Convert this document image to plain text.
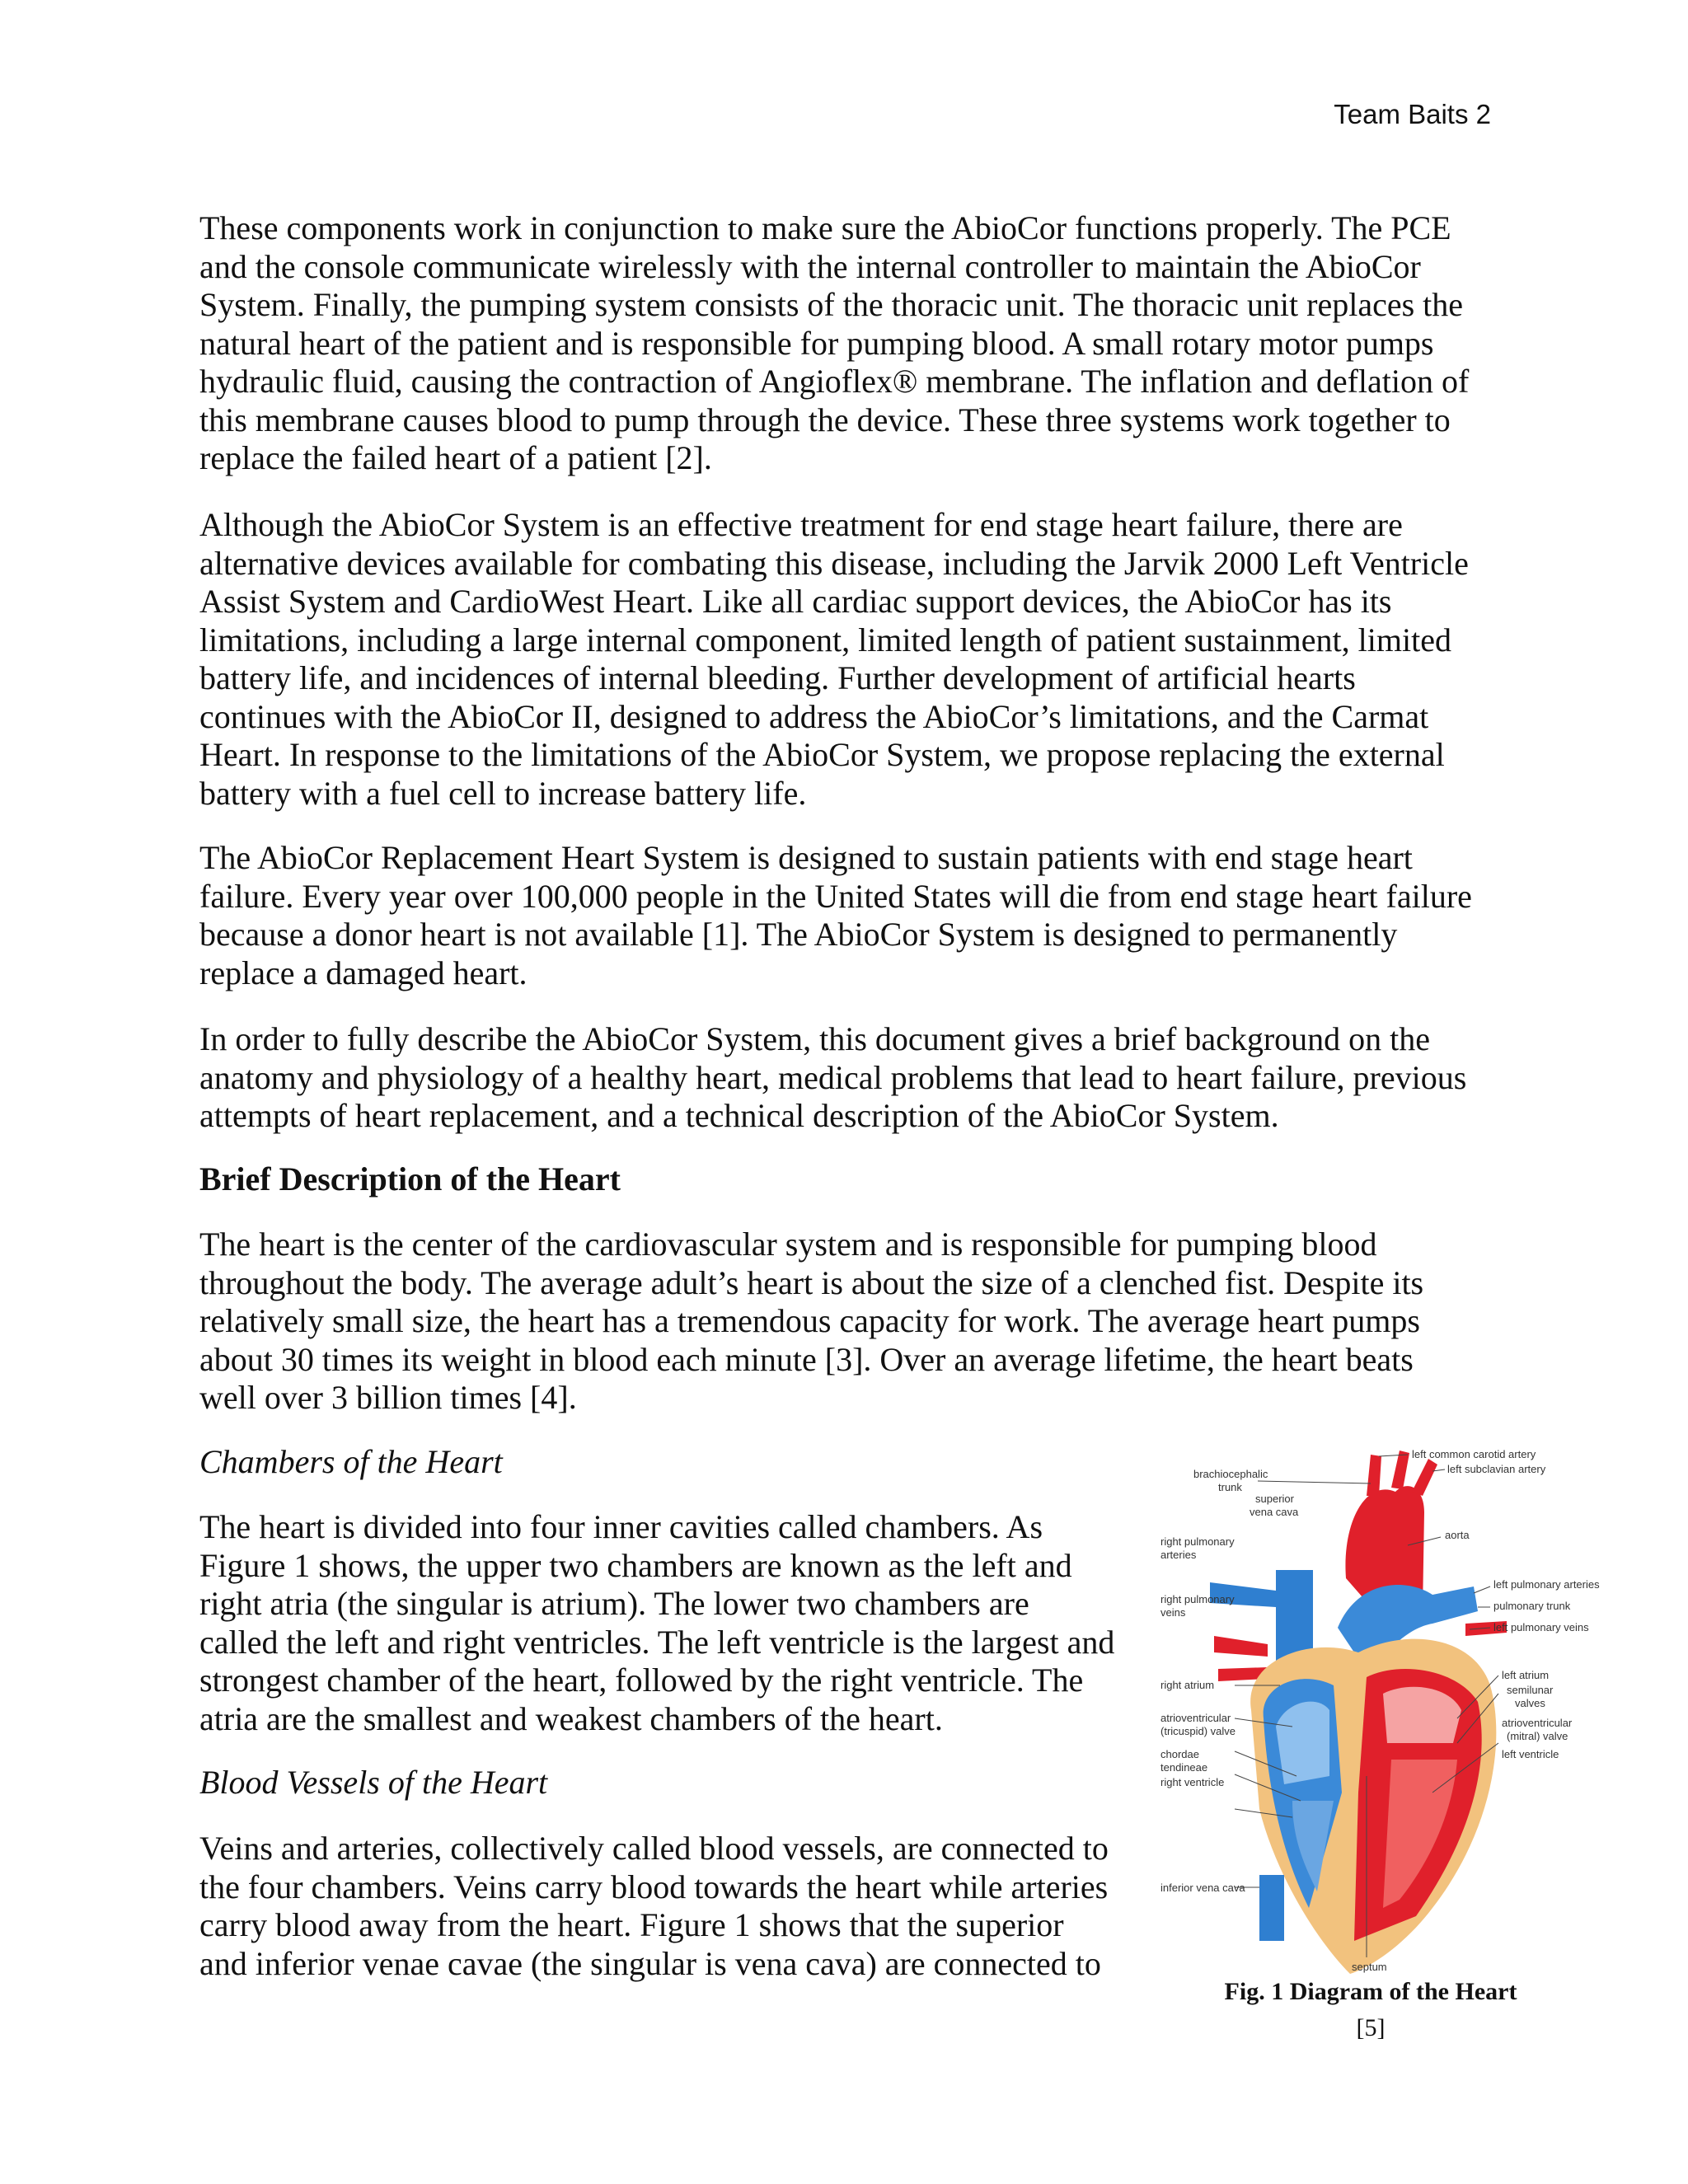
Team Baits 2
These components work in conjunction to make sure the AbioCor functions properly. The PCE
and the console communicate wirelessly with the internal controller to maintain the AbioCor
System. Finally, the pumping system consists of the thoracic unit. The thoracic unit replaces the
natural heart of the patient and is responsible for pumping blood. A small rotary motor pumps
hydraulic fluid, causing the contraction of Angioflex® membrane. The inflation and deflation of
this membrane causes blood to pump through the device. These three systems work together to
replace the failed heart of a patient [2].
Although the AbioCor System is an effective treatment for end stage heart failure, there are
alternative devices available for combating this disease, including the Jarvik 2000 Left Ventricle
Assist System and CardioWest Heart. Like all cardiac support devices, the AbioCor has its
limitations, including a large internal component, limited length of patient sustainment, limited
battery life, and incidences of internal bleeding. Further development of artificial hearts
continues with the AbioCor II, designed to address the AbioCor’s limitations, and the Carmat
Heart. In response to the limitations of the AbioCor System, we propose replacing the external
battery with a fuel cell to increase battery life.
The AbioCor Replacement Heart System is designed to sustain patients with end stage heart
failure. Every year over 100,000 people in the United States will die from end stage heart failure
because a donor heart is not available [1]. The AbioCor System is designed to permanently
replace a damaged heart.
In order to fully describe the AbioCor System, this document gives a brief background on the
anatomy and physiology of a healthy heart, medical problems that lead to heart failure, previous
attempts of heart replacement, and a technical description of the AbioCor System.
Brief Description of the Heart
The heart is the center of the cardiovascular system and is responsible for pumping blood
throughout the body. The average adult’s heart is about the size of a clenched fist. Despite its
relatively small size, the heart has a tremendous capacity for work. The average heart pumps
about 30 times its weight in blood each minute [3]. Over an average lifetime, the heart beats
well over 3 billion times [4].
Chambers of the Heart
The heart is divided into four inner cavities called chambers. As
Figure 1 shows, the upper two chambers are known as the left and
right atria (the singular is atrium). The lower two chambers are
called the left and right ventricles. The left ventricle is the largest and
strongest chamber of the heart, followed by the right ventricle. The
atria are the smallest and weakest chambers of the heart.
Blood Vessels of the Heart
Veins and arteries, collectively called blood vessels, are connected to
the four chambers. Veins carry blood towards the heart while arteries
carry blood away from the heart. Figure 1 shows that the superior
and inferior venae cavae (the singular is vena cava) are connected to
left common carotid artery
left subclavian artery
brachiocephalic
trunk
superior
vena cava
aorta
right pulmonary
arteries
left pulmonary arteries
right pulmonary
veins
pulmonary trunk
left pulmonary veins
left atrium
right atrium	semilunar
valves
atrioventricular
(tricuspid) valve
atrioventricular
(mitral) valve
chordae
tendineae
right ventricle
left ventricle
inferior vena cava
septum
Fig. 1 Diagram of the Heart
[5]
